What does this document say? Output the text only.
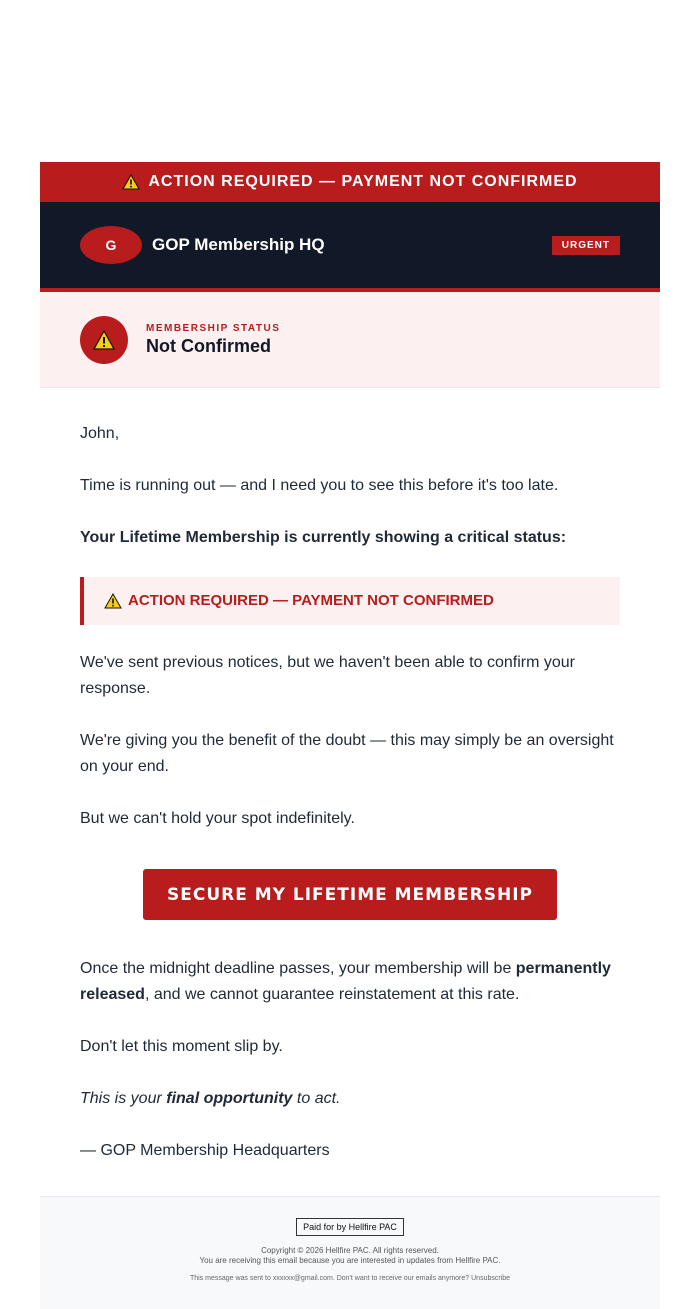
ACTION REQUIRED — PAYMENT NOT CONFIRMED
G GOP Membership HQ	URGENT
MEMBERSHIP STATUS
Not Confirmed
John,
Time is running out — and I need you to see this before it's too late.
Your Lifetime Membership is currently showing a critical status:
ACTION REQUIRED — PAYMENT NOT CONFIRMED
We've sent previous notices, but we haven't been able to confirm your response.
We're giving you the benefit of the doubt — this may simply be an oversight on your end.
But we can't hold your spot indefinitely.
SECURE MY LIFETIME MEMBERSHIP
Once the midnight deadline passes, your membership will be permanently released, and we cannot guarantee reinstatement at this rate.
Don't let this moment slip by.
This is your final opportunity to act.
— GOP Membership Headquarters
Paid for by Hellfire PAC
Copyright © 2026 Hellfire PAC. All rights reserved.
You are receiving this email because you are interested in updates from Hellfire PAC.
This message was sent to xxxxxx@gmail.com. Don't want to receive our emails anymore? Unsubscribe
